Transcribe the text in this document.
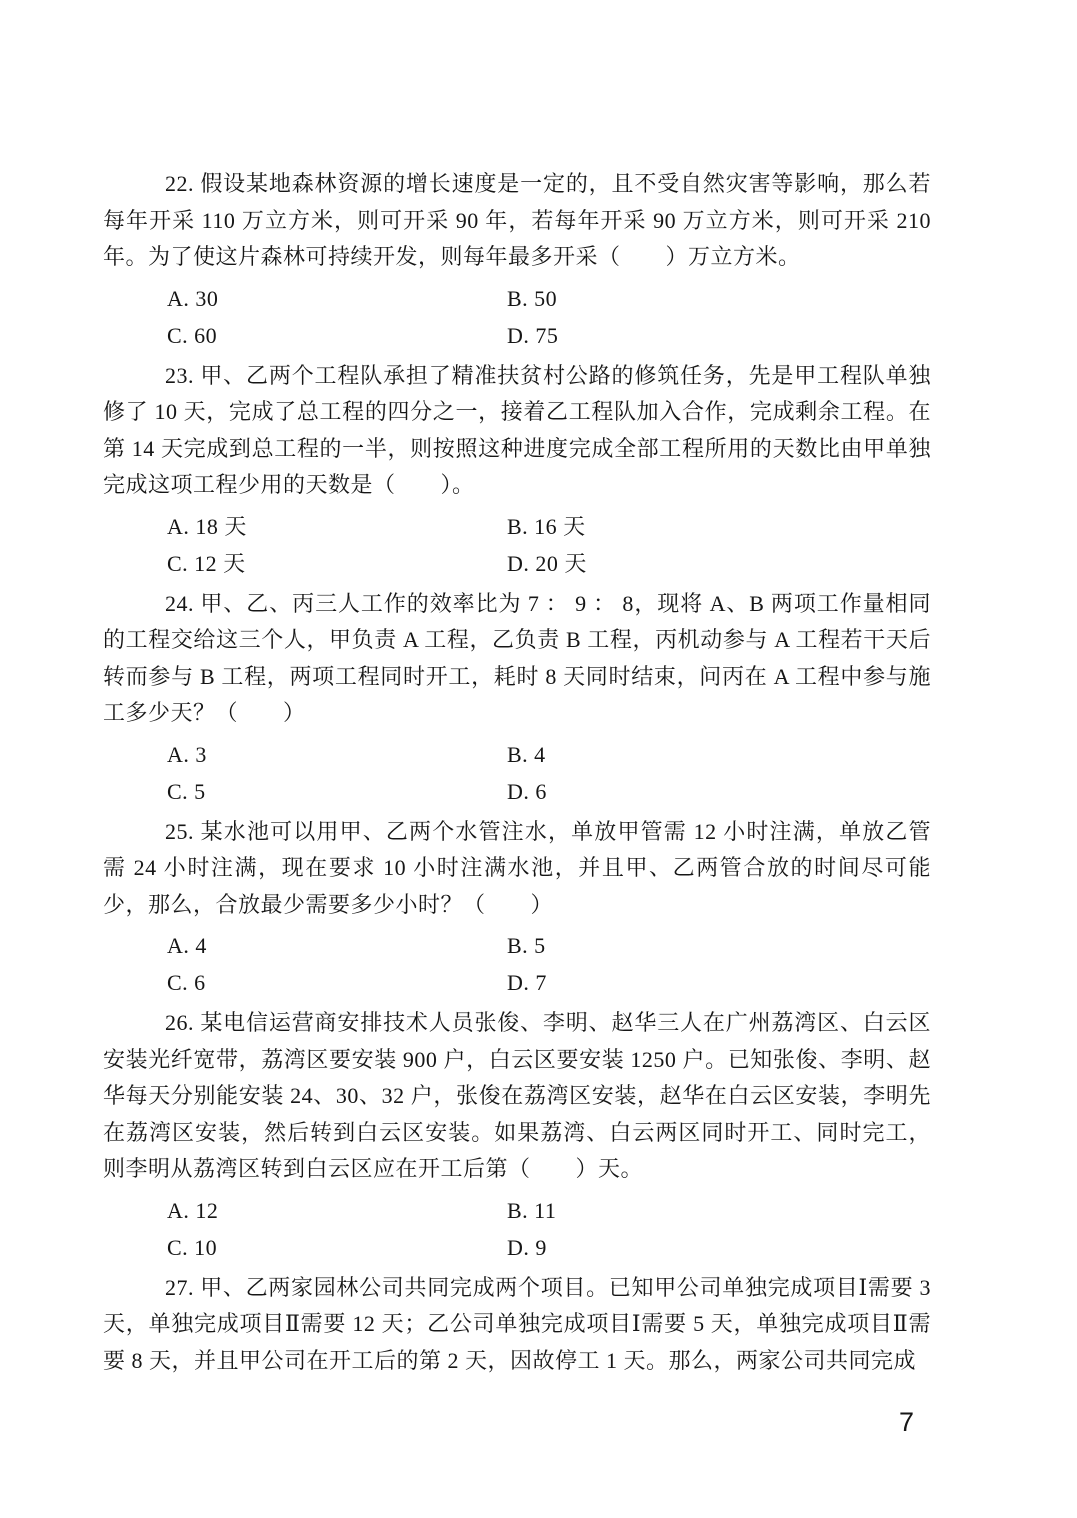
22. 假设某地森林资源的增长速度是一定的，且不受自然灾害等影响，那么若每年开采 110 万立方米，则可开采 90 年，若每年开采 90 万立方米，则可开采 210 年。为了使这片森林可持续开发，则每年最多开采（　　）万立方米。

A. 30	B. 50
C. 60	D. 75

23. 甲、乙两个工程队承担了精准扶贫村公路的修筑任务，先是甲工程队单独修了 10 天，完成了总工程的四分之一，接着乙工程队加入合作，完成剩余工程。在第 14 天完成到总工程的一半，则按照这种进度完成全部工程所用的天数比由甲单独完成这项工程少用的天数是（　　）。

A. 18 天	B. 16 天
C. 12 天	D. 20 天

24. 甲、乙、丙三人工作的效率比为 7 ： 9 ： 8，现将 A、B 两项工作量相同的工程交给这三个人，甲负责 A 工程，乙负责 B 工程，丙机动参与 A 工程若干天后转而参与 B 工程，两项工程同时开工，耗时 8 天同时结束，问丙在 A 工程中参与施工多少天？（　　）

A. 3	B. 4
C. 5	D. 6

25. 某水池可以用甲、乙两个水管注水，单放甲管需 12 小时注满，单放乙管需 24 小时注满，现在要求 10 小时注满水池，并且甲、乙两管合放的时间尽可能少，那么，合放最少需要多少小时？（　　）

A. 4	B. 5
C. 6	D. 7

26. 某电信运营商安排技术人员张俊、李明、赵华三人在广州荔湾区、白云区安装光纤宽带，荔湾区要安装 900 户，白云区要安装 1250 户。已知张俊、李明、赵华每天分别能安装 24、30、32 户，张俊在荔湾区安装，赵华在白云区安装，李明先在荔湾区安装，然后转到白云区安装。如果荔湾、白云两区同时开工、同时完工，则李明从荔湾区转到白云区应在开工后第（　　）天。

A. 12	B. 11
C. 10	D. 9

27. 甲、乙两家园林公司共同完成两个项目。已知甲公司单独完成项目Ⅰ需要 3 天，单独完成项目Ⅱ需要 12 天；乙公司单独完成项目Ⅰ需要 5 天，单独完成项目Ⅱ需要 8 天，并且甲公司在开工后的第 2 天，因故停工 1 天。那么，两家公司共同完成

7
